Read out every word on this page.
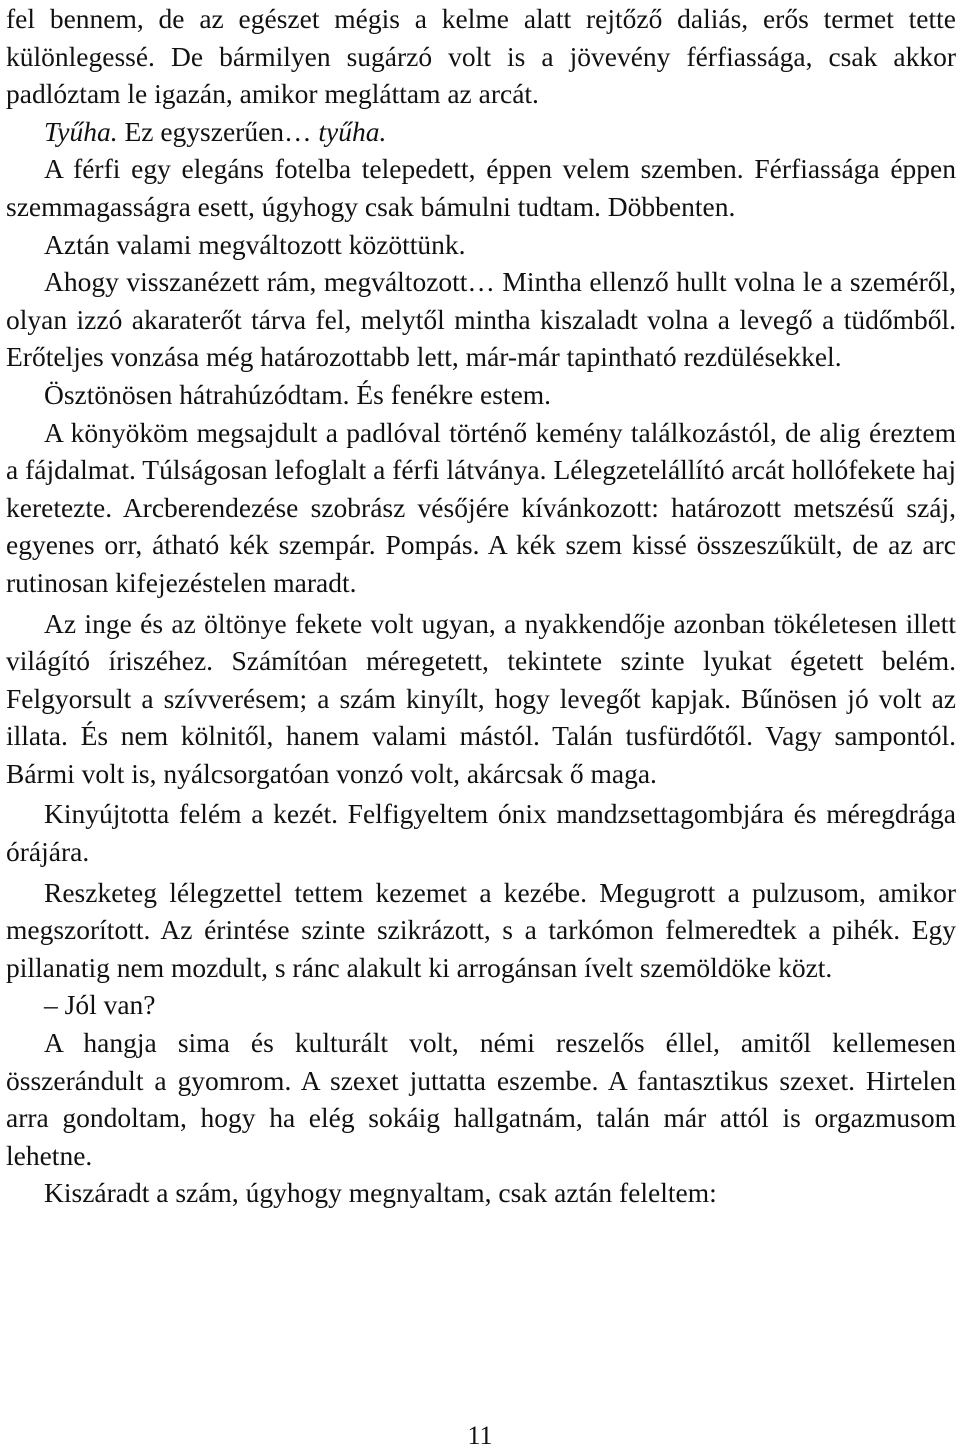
fel bennem, de az egészet mégis a kelme alatt rejtőző daliás, erős termet tette különlegessé. De bármilyen sugárzó volt is a jövevény férfiassága, csak akkor padlóztam le igazán, amikor megláttam az arcát.

Tyűha. Ez egyszerűen… tyűha.

A férfi egy elegáns fotelba telepedett, éppen velem szemben. Férfiassága éppen szemmagasságra esett, úgyhogy csak bámulni tudtam. Döbbenten.

Aztán valami megváltozott közöttünk.

Ahogy visszanézett rám, megváltozott… Mintha ellenző hullt volna le a szeméről, olyan izzó akaraterőt tárva fel, melytől mintha kiszaladt volna a levegő a tüdőmből. Erőteljes vonzása még határozottabb lett, már-már tapintható rezdülésekkel.

Ösztönösen hátrahúzódtam. És fenékre estem.

A könyököm megsajdult a padlóval történő kemény találkozástól, de alig éreztem a fájdalmat. Túlságosan lefoglalt a férfi látványa. Lélegzetelállító arcát hollófekete haj keretezte. Arcberendezése szobrász vésőjére kívánkozott: határozott metszésű száj, egyenes orr, átható kék szempár. Pompás. A kék szem kissé összeszűkült, de az arc rutinosan kifejezéstelen maradt.

Az inge és az öltönye fekete volt ugyan, a nyakkendője azonban tökéletesen illett világító íriszéhez. Számítóan méregetett, tekintete szinte lyukat égetett belém. Felgyorsult a szívverésem; a szám kinyílt, hogy levegőt kapjak. Bűnösen jó volt az illata. És nem kölnitől, hanem valami mástól. Talán tusfürdőtől. Vagy sampontól. Bármi volt is, nyálcsorgatóan vonzó volt, akárcsak ő maga.

Kinyújtotta felém a kezét. Felfigyeltem ónix mandzsettagombjára és méregdrága órájára.

Reszketeg lélegzettel tettem kezemet a kezébe. Megugrott a pulzusom, amikor megszorított. Az érintése szinte szikrázott, s a tarkómon felmeredtek a pihék. Egy pillanatig nem mozdult, s ránc alakult ki arrogánsan ívelt szemöldöke közt.

– Jól van?

A hangja sima és kulturált volt, némi reszelős éllel, amitől kellemesen összerándult a gyomrom. A szexet juttatta eszembe. A fantasztikus szexet. Hirtelen arra gondoltam, hogy ha elég sokáig hallgatnám, talán már attól is orgazmusom lehetne.

Kiszáradt a szám, úgyhogy megnyaltam, csak aztán feleltem:

11
